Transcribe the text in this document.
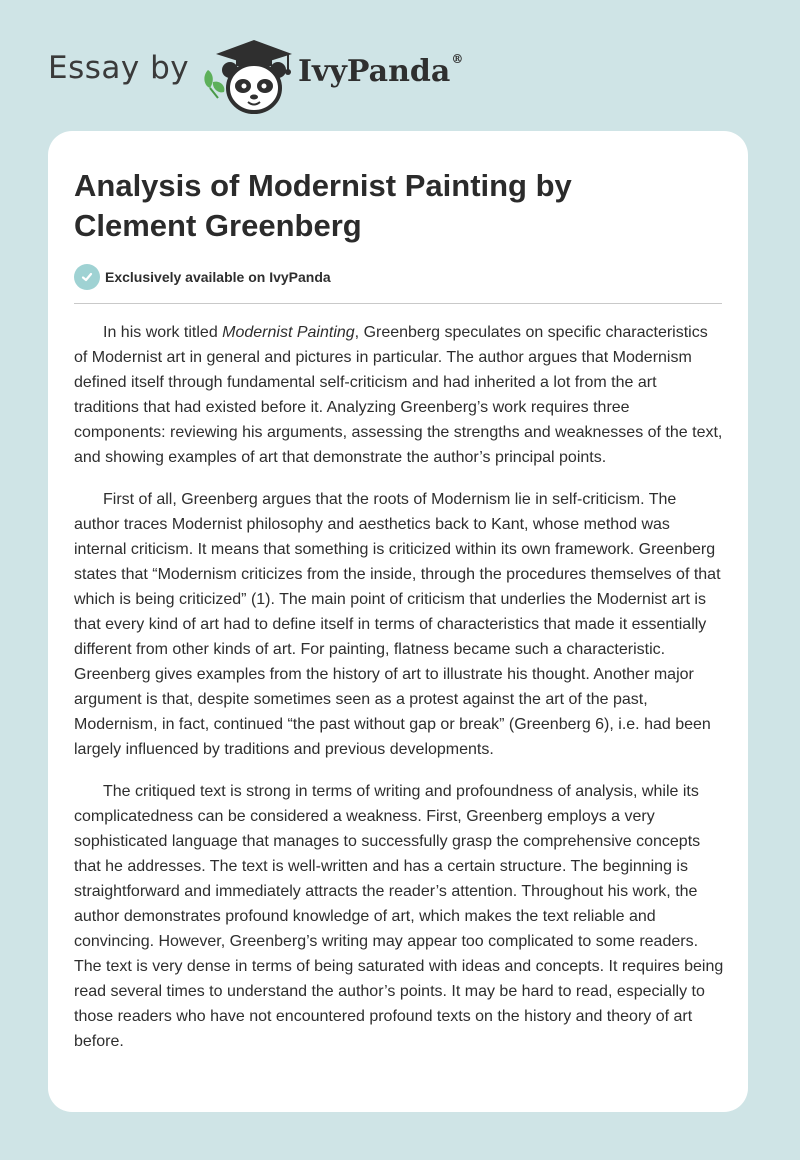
Essay by	IvyPanda®
Analysis of Modernist Painting by Clement Greenberg
Exclusively available on IvyPanda

In his work titled Modernist Painting, Greenberg speculates on specific characteristics of Modernist art in general and pictures in particular. The author argues that Modernism defined itself through fundamental self-criticism and had inherited a lot from the art traditions that had existed before it. Analyzing Greenberg’s work requires three components: reviewing his arguments, assessing the strengths and weaknesses of the text, and showing examples of art that demonstrate the author’s principal points.

First of all, Greenberg argues that the roots of Modernism lie in self-criticism. The author traces Modernist philosophy and aesthetics back to Kant, whose method was internal criticism. It means that something is criticized within its own framework. Greenberg states that “Modernism criticizes from the inside, through the procedures themselves of that which is being criticized” (1). The main point of criticism that underlies the Modernist art is that every kind of art had to define itself in terms of characteristics that made it essentially different from other kinds of art. For painting, flatness became such a characteristic. Greenberg gives examples from the history of art to illustrate his thought. Another major argument is that, despite sometimes seen as a protest against the art of the past, Modernism, in fact, continued “the past without gap or break” (Greenberg 6), i.e. had been largely influenced by traditions and previous developments.

The critiqued text is strong in terms of writing and profoundness of analysis, while its complicatedness can be considered a weakness. First, Greenberg employs a very sophisticated language that manages to successfully grasp the comprehensive concepts that he addresses. The text is well-written and has a certain structure. The beginning is straightforward and immediately attracts the reader’s attention. Throughout his work, the author demonstrates profound knowledge of art, which makes the text reliable and convincing. However, Greenberg’s writing may appear too complicated to some readers. The text is very dense in terms of being saturated with ideas and concepts. It requires being read several times to understand the author’s points. It may be hard to read, especially to those readers who have not encountered profound texts on the history and theory of art before.
